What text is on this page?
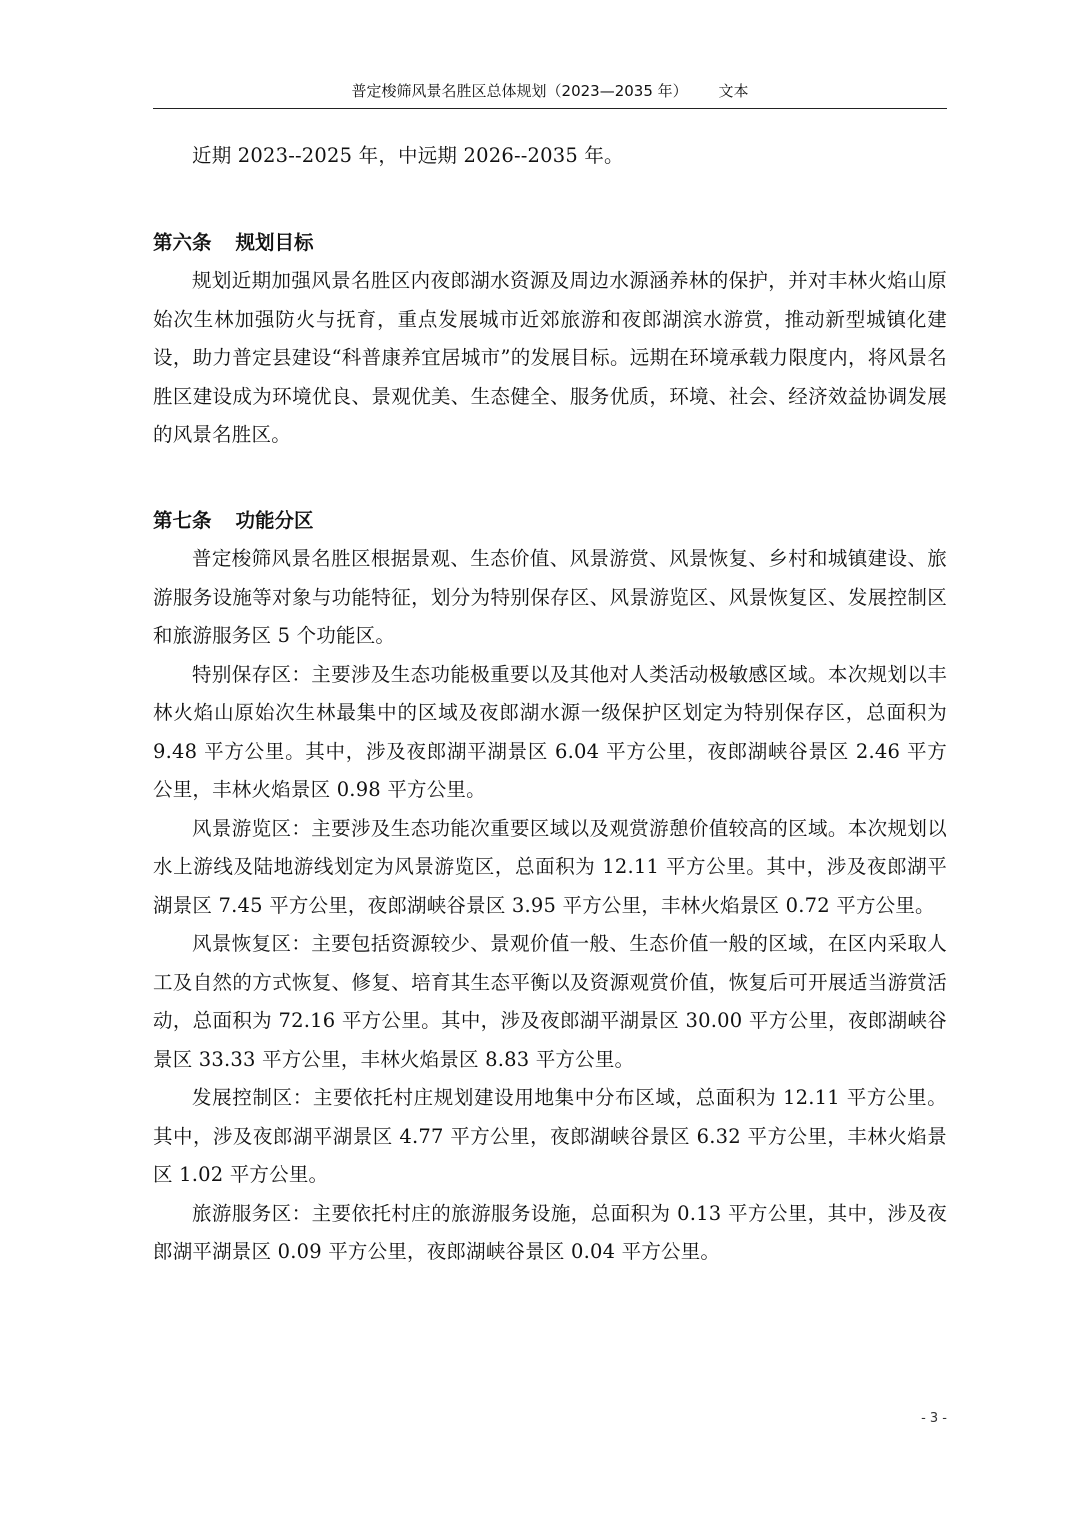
普定梭筛风景名胜区总体规划（2023—2035 年） 文本

近期 2023--2025 年，中远期 2026--2035 年。

第六条 规划目标

规划近期加强风景名胜区内夜郎湖水资源及周边水源涵养林的保护，并对丰林火焰山原始次生林加强防火与抚育，重点发展城市近郊旅游和夜郎湖滨水游赏，推动新型城镇化建设，助力普定县建设“科普康养宜居城市”的发展目标。远期在环境承载力限度内，将风景名胜区建设成为环境优良、景观优美、生态健全、服务优质，环境、社会、经济效益协调发展的风景名胜区。

第七条 功能分区

普定梭筛风景名胜区根据景观、生态价值、风景游赏、风景恢复、乡村和城镇建设、旅游服务设施等对象与功能特征，划分为特别保存区、风景游览区、风景恢复区、发展控制区和旅游服务区 5 个功能区。

特别保存区：主要涉及生态功能极重要以及其他对人类活动极敏感区域。本次规划以丰林火焰山原始次生林最集中的区域及夜郎湖水源一级保护区划定为特别保存区，总面积为 9.48 平方公里。其中，涉及夜郎湖平湖景区 6.04 平方公里，夜郎湖峡谷景区 2.46 平方公里，丰林火焰景区 0.98 平方公里。

风景游览区：主要涉及生态功能次重要区域以及观赏游憩价值较高的区域。本次规划以水上游线及陆地游线划定为风景游览区，总面积为 12.11 平方公里。其中，涉及夜郎湖平湖景区 7.45 平方公里，夜郎湖峡谷景区 3.95 平方公里，丰林火焰景区 0.72 平方公里。

风景恢复区：主要包括资源较少、景观价值一般、生态价值一般的区域，在区内采取人工及自然的方式恢复、修复、培育其生态平衡以及资源观赏价值，恢复后可开展适当游赏活动，总面积为 72.16 平方公里。其中，涉及夜郎湖平湖景区 30.00 平方公里，夜郎湖峡谷景区 33.33 平方公里，丰林火焰景区 8.83 平方公里。

发展控制区：主要依托村庄规划建设用地集中分布区域，总面积为 12.11 平方公里。其中，涉及夜郎湖平湖景区 4.77 平方公里，夜郎湖峡谷景区 6.32 平方公里，丰林火焰景区 1.02 平方公里。

旅游服务区：主要依托村庄的旅游服务设施，总面积为 0.13 平方公里，其中，涉及夜郎湖平湖景区 0.09 平方公里，夜郎湖峡谷景区 0.04 平方公里。

- 3 -
